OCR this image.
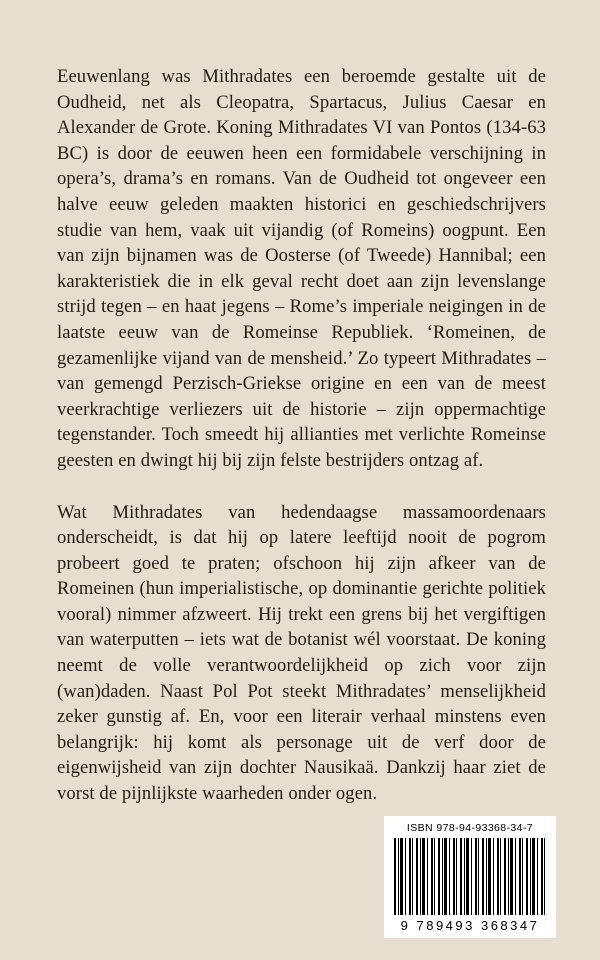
Eeuwenlang was Mithradates een beroemde gestalte uit de Oudheid, net als Cleopatra, Spartacus, Julius Caesar en Alexander de Grote. Koning Mithradates VI van Pontos (134-63 BC) is door de eeuwen heen een formidabele verschijning in opera’s, drama’s en romans. Van de Oudheid tot ongeveer een halve eeuw geleden maakten historici en geschiedschrijvers studie van hem, vaak uit vijandig (of Romeins) oogpunt. Een van zijn bijnamen was de Oosterse (of Tweede) Hannibal; een karakteristiek die in elk geval recht doet aan zijn levenslange strijd tegen – en haat jegens – Rome’s imperiale neigingen in de laatste eeuw van de Romeinse Republiek. ‘Romeinen, de gezamenlijke vijand van de mensheid.’ Zo typeert Mithradates – van gemengd Perzisch-Griekse origine en een van de meest veerkrachtige verliezers uit de historie – zijn oppermachtige tegenstander. Toch smeedt hij allianties met verlichte Romeinse geesten en dwingt hij bij zijn felste bestrijders ontzag af.

Wat Mithradates van hedendaagse massamoordenaars onderscheidt, is dat hij op latere leeftijd nooit de pogrom probeert goed te praten; ofschoon hij zijn afkeer van de Romeinen (hun imperialistische, op dominantie gerichte politiek vooral) nimmer afzweert. Hij trekt een grens bij het vergiftigen van waterputten – iets wat de botanist wél voorstaat. De koning neemt de volle verantwoordelijkheid op zich voor zijn (wan)daden. Naast Pol Pot steekt Mithradates’ menselijkheid zeker gunstig af. En, voor een literair verhaal minstens even belangrijk: hij komt als personage uit de verf door de eigenwijsheid van zijn dochter Nausikaä. Dankzij haar ziet de vorst de pijnlijkste waarheden onder ogen.

ISBN 978-94-93368-34-7
9 789493 368347
